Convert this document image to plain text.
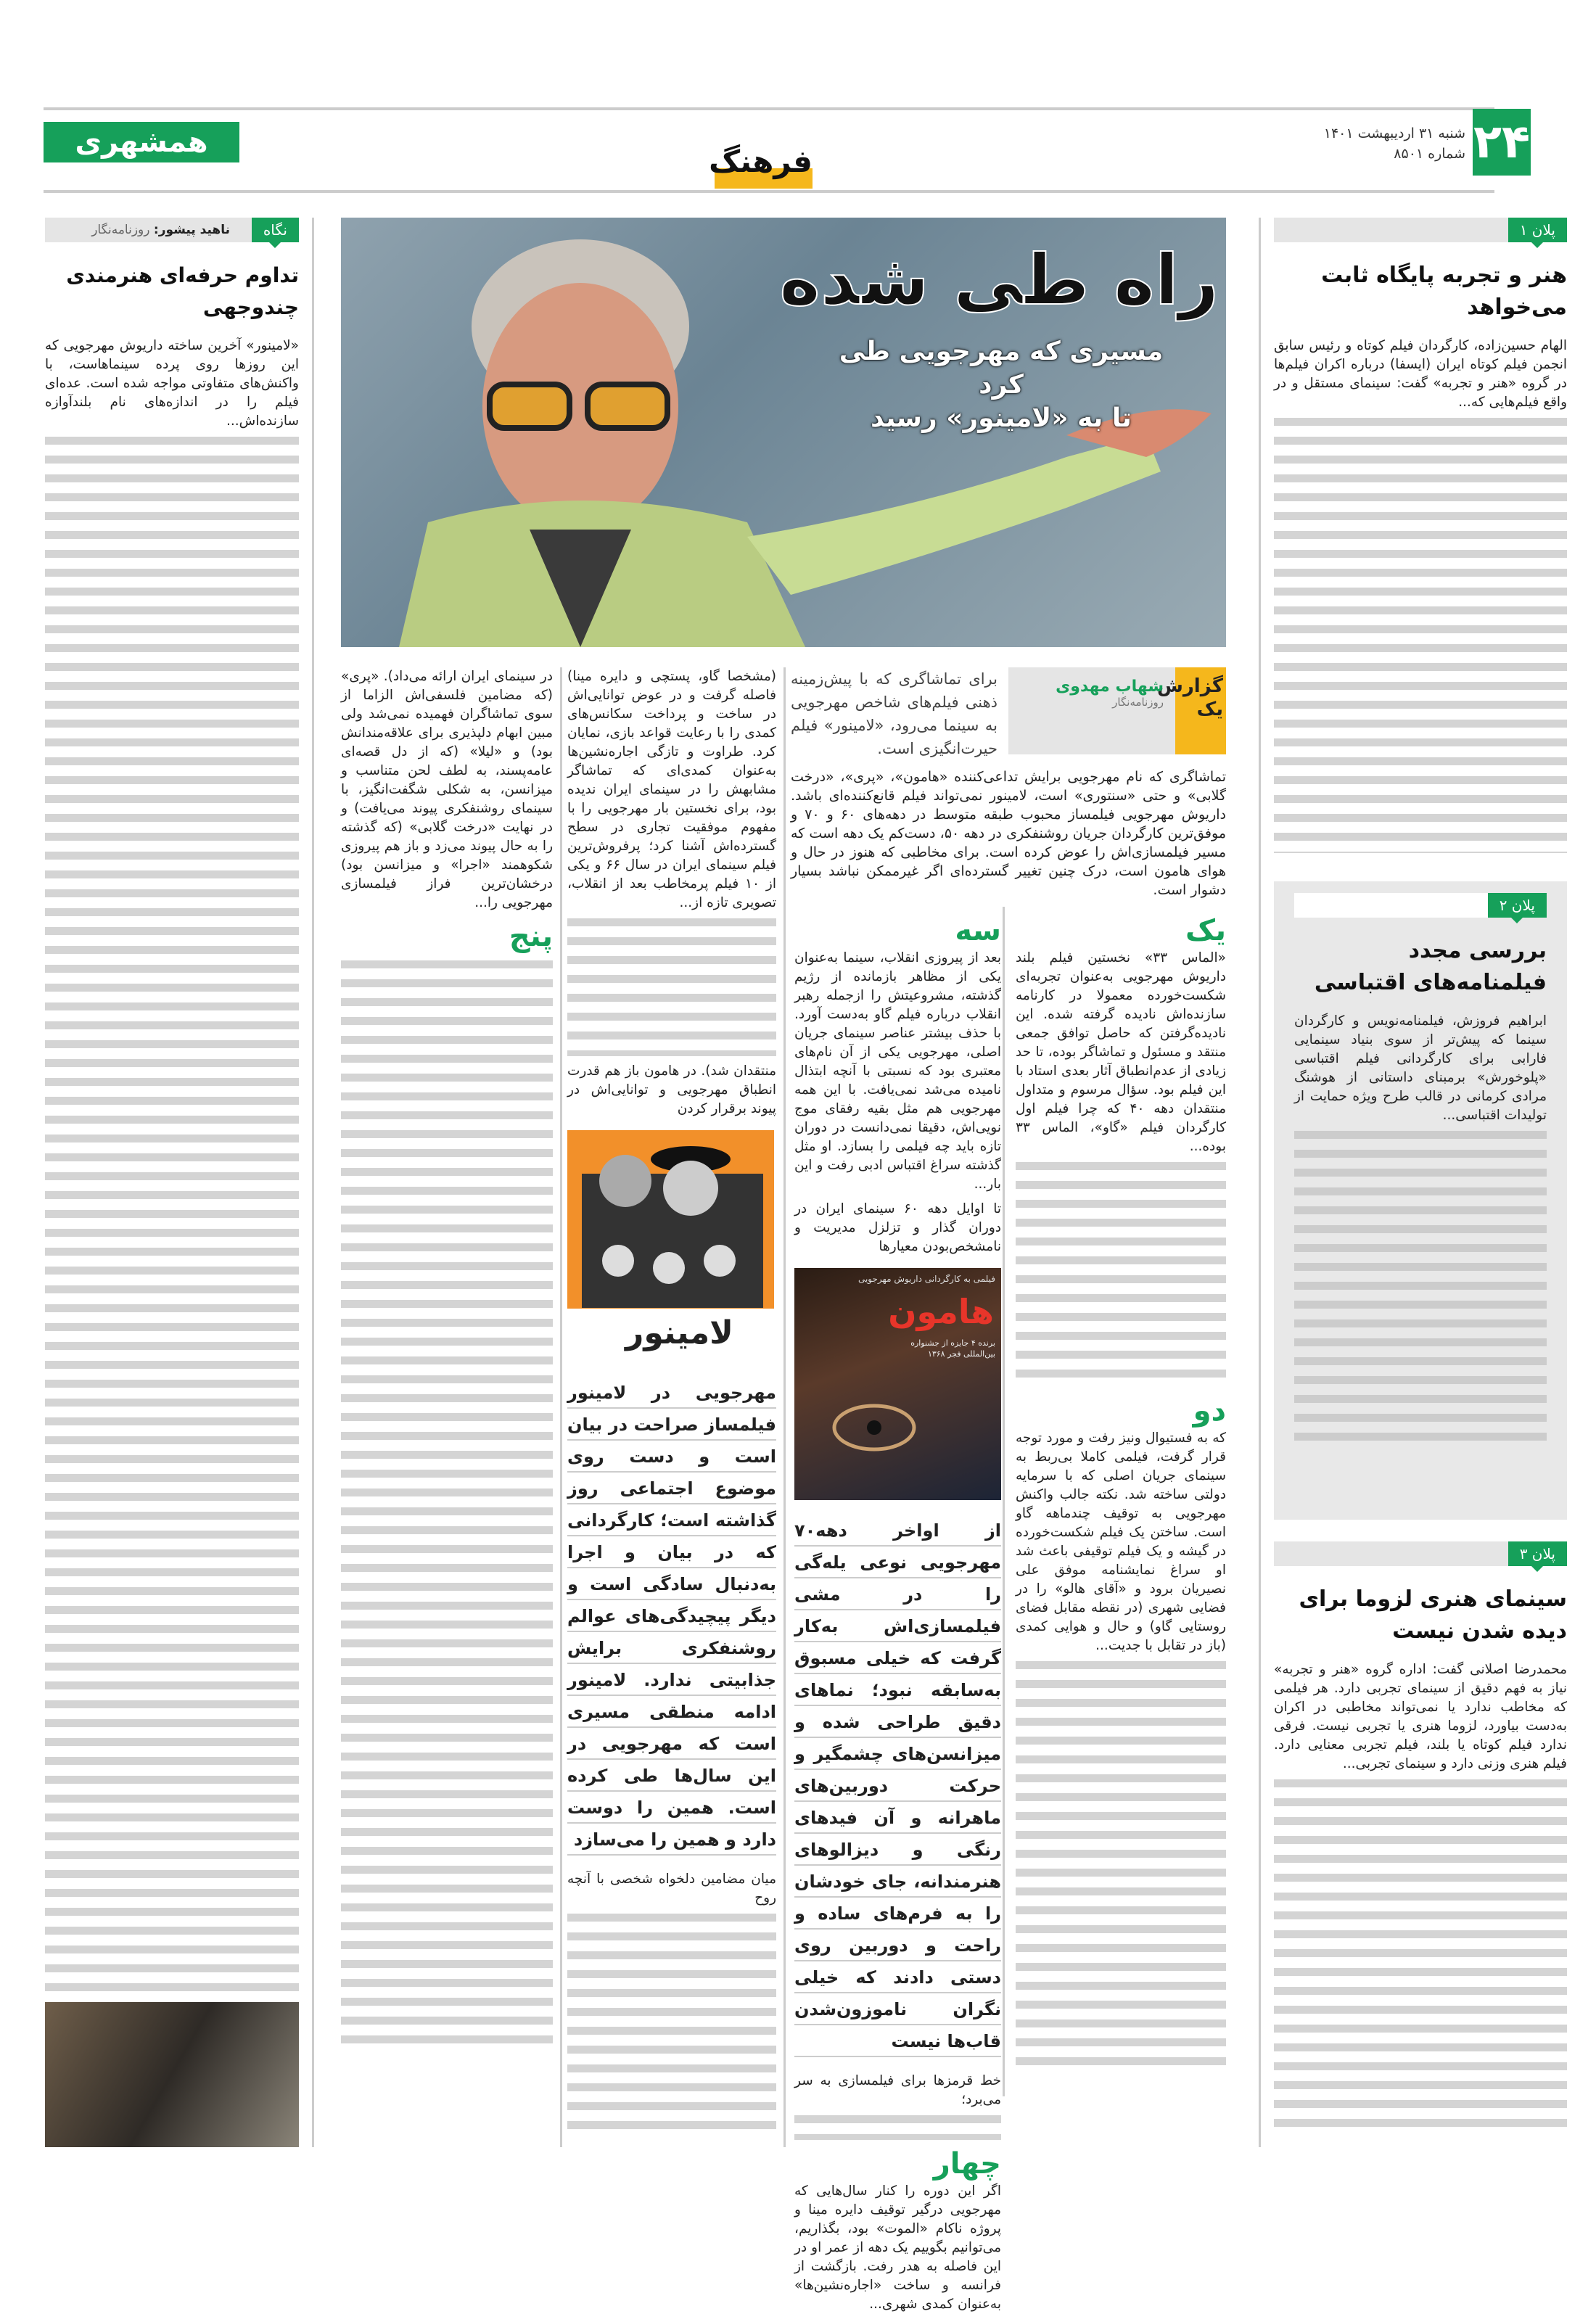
۲۴
شنبه ۳۱ اردیبهشت ۱۴۰۱
شماره ۸۵۰۱
فرهنگ
همشهری
راه طی شده
مسیری که مهرجویی طی کرد
تا به «لامینور» رسید
گزارش یک
شهاب مهدوی
روزنامه‌نگار
برای تماشاگری که با پیش‌زمینه ذهنی فیلم‌های شاخص مهرجویی به سینما می‌رود، «لامینور» فیلم حیرت‌انگیزی است.
تماشاگری که نام مهرجویی برایش تداعی‌کننده «هامون»، «پری»، «درخت گلابی» و حتی «سنتوری» است، لامینور نمی‌تواند فیلم قانع‌کننده‌ای باشد. داریوش مهرجویی فیلمساز محبوب طبقه متوسط در دهه‌های ۶۰ و ۷۰ و موفق‌ترین کارگردان جریان روشنفکری در دهه ۵۰، دست‌کم یک دهه است که مسیر فیلمسازی‌اش را عوض کرده است. برای مخاطبی که هنوز در حال و هوای هامون است، درک چنین تغییر گسترده‌ای اگر غیرممکن نباشد بسیار دشوار است.
یک
«الماس ۳۳» نخستین فیلم بلند داریوش مهرجویی به‌عنوان تجربه‌ای شکست‌خورده معمولا در کارنامه سازنده‌اش نادیده گرفته شده. این نادیده‌گرفتن که حاصل توافق جمعی منتقد و مسئول و تماشاگر بوده، تا حد زیادی از عدم‌انطباق آثار بعدی استاد با این فیلم بود. سؤال مرسوم و متداول منتقدان دهه ۴۰ که چرا فیلم اول کارگردان فیلم «گاو»، الماس ۳۳ بوده...
دو
که به فستیوال ونیز رفت و مورد توجه قرار گرفت، فیلمی کاملا بی‌ربط به سینمای جریان اصلی که با سرمایه دولتی ساخته شد. نکته جالب واکنش مهرجویی به توقیف چندماهه گاو است. ساختن یک فیلم شکست‌خورده در گیشه و یک فیلم توقیفی باعث شد او سراغ نمایشنامه موفق علی نصیریان برود و «آقای هالو» را در فضایی شهری (در نقطه مقابل فضای روستایی گاو) و حال و هوایی کمدی (باز در تقابل با جدیت...
سه
بعد از پیروزی انقلاب، سینما به‌عنوان یکی از مظاهر بازمانده از رژیم گذشته، مشروعیتش را ازجمله رهبر انقلاب درباره فیلم گاو به‌دست آورد. با حذف بیشتر عناصر سینمای جریان اصلی، مهرجویی یکی از آن نام‌های معتبری بود که نسبتی با آنچه ابتذال نامیده می‌شد نمی‌یافت. با این همه مهرجویی هم مثل بقیه رفقای موج نویی‌اش، دقیقا نمی‌دانست در دوران تازه باید چه فیلمی را بسازد. او مثل گذشته سراغ اقتباس ادبی رفت و این بار...
تا اوایل دهه ۶۰ سینمای ایران در دوران گذار و تزلزل مدیریت و نامشخص‌بودن معیارها
فیلمی به کارگردانی داریوش مهرجویی
هامون
برنده ۴ جایزه از جشنواره بین‌المللی فجر ۱۳۶۸
از اواخر دهه۷۰ مهرجویی نوعی یله‌گی را در مشی فیلمسازی‌اش به‌کار گرفت که خیلی مسبوق به‌سابقه نبود؛ نماهای دقیق طراحی شده و میزانسن‌های چشمگیر و حرکت دوربین‌های ماهرانه و آن فیدهای رنگی و دیزالوهای هنرمندانه، جای خودشان را به فرم‌های ساده و راحت و دوربین روی دستی دادند که خیلی نگران ناموزون‌شدن قاب‌ها نیست
خط قرمزها برای فیلمسازی به سر می‌برد؛
چهار
اگر این دوره را کنار سال‌هایی که مهرجویی درگیر توقیف دایره مینا و پروژه ناکام «الموت» بود، بگذاریم، می‌توانیم بگوییم یک دهه از عمر او در این فاصله به هدر رفت. بازگشت از فرانسه و ساخت «اجاره‌نشین‌ها» به‌عنوان کمدی شهری...
(مشخصا گاو، پستچی و دایره مینا) فاصله گرفت و در عوض توانایی‌اش در ساخت و پرداخت سکانس‌های کمدی را با رعایت قواعد بازی، نمایان کرد. طراوت و تازگی اجاره‌نشین‌ها به‌عنوان کمدی‌ای که تماشاگر مشابهش را در سینمای ایران ندیده بود، برای نخستین بار مهرجویی را با مفهوم موفقیت تجاری در سطح گسترده‌اش آشنا کرد؛ پرفروش‌ترین فیلم سینمای ایران در سال ۶۶ و یکی از ۱۰ فیلم پرمخاطب بعد از انقلاب، تصویری تازه از...
منتقدان شد). در هامون باز هم قدرت انطباق مهرجویی و توانایی‌اش در پیوند برقرار کردن
لامینور
مهرجویی در لامینور فیلمساز صراحت در بیان است و دست روی موضوع اجتماعی روز گذاشته است؛ کارگردانی که در بیان و اجرا به‌دنبال سادگی است و دیگر پیچیدگی‌های عوالم روشنفکری برایش جذابیتی ندارد. لامینور ادامه منطقی مسیری است که مهرجویی در این سال‌ها طی کرده است. همین را دوست دارد و همین را می‌سازد
میان مضامین دلخواه شخصی با آنچه روح
در سینمای ایران ارائه می‌داد). «پری» (که مضامین فلسفی‌اش الزاما از سوی تماشاگران فهمیده نمی‌شد ولی مبین ابهام دلپذیری برای علاقه‌مندانش بود) و «لیلا» (که از دل قصه‌ای عامه‌پسند، به لطف لحن متناسب و میزانسن، به شکلی شگفت‌انگیز، با سینمای روشنفکری پیوند می‌یافت) و در نهایت «درخت گلابی» (که گذشته را به حال پیوند می‌زد و باز هم پیروزی شکوهمند «اجرا» و میزانسن بود) درخشان‌ترین فراز فیلمسازی مهرجویی را...
پنج
پلان ۱
هنر و تجربه پایگاه ثابت می‌خواهد
الهام حسین‌زاده، کارگردان فیلم کوتاه و رئیس سابق انجمن فیلم کوتاه ایران (ایسفا) درباره اکران فیلم‌ها در گروه «هنر و تجربه» گفت: سینمای مستقل و در واقع فیلم‌هایی که...
پلان ۲
بررسی مجدد فیلمنامه‌های اقتباسی
ابراهیم فروزش، فیلمنامه‌نویس و کارگردان سینما که پیش‌تر از سوی بنیاد سینمایی فارابی برای کارگردانی فیلم اقتباسی «پلوخورش» برمبنای داستانی از هوشنگ مرادی کرمانی در قالب طرح ویژه حمایت از تولیدات اقتباسی...
پلان ۳
سینمای هنری لزوما برای دیده شدن نیست
محمدرضا اصلانی گفت: اداره گروه «هنر و تجربه» نیاز به فهم دقیق از سینمای تجربی دارد. هر فیلمی که مخاطب ندارد یا نمی‌تواند مخاطبی در اکران به‌دست بیاورد، لزوما هنری یا تجربی نیست. فرقی ندارد فیلم کوتاه یا بلند، فیلم تجربی معنایی دارد. فیلم هنری وزنی دارد و سینمای تجربی...
نگاه
ناهید پیشور: روزنامه‌نگار
تداوم حرفه‌ای هنرمندی چندوجهی
«لامینور» آخرین ساخته داریوش مهرجویی که این روزها روی پرده سینماهاست، با واکنش‌های متفاوتی مواجه شده است. عده‌ای فیلم را در اندازه‌های نام بلندآوازه سازنده‌اش...
